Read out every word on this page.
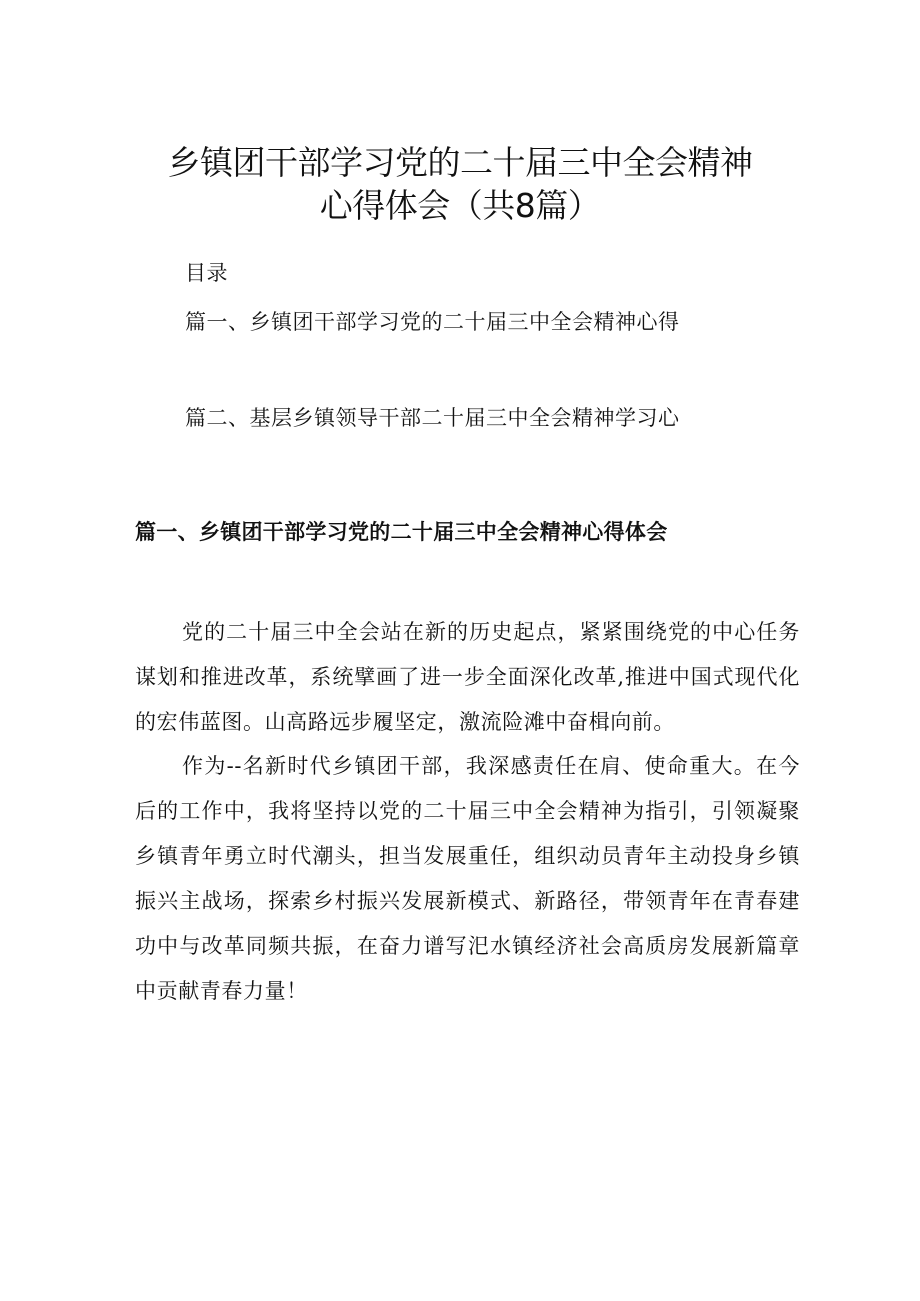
乡镇团干部学习党的二十届三中全会精神
心得体会（共8篇）

目录

篇一、乡镇团干部学习党的二十届三中全会精神心得

篇二、基层乡镇领导干部二十届三中全会精神学习心

篇一、乡镇团干部学习党的二十届三中全会精神心得体会

党的二十届三中全会站在新的历史起点，紧紧围绕党的中心任务谋划和推进改革，系统擘画了进一步全面深化改革,推进中国式现代化的宏伟蓝图。山高路远步履坚定，激流险滩中奋楫向前。

作为--名新时代乡镇团干部，我深感责任在肩、使命重大。在今后的工作中，我将坚持以党的二十届三中全会精神为指引，引领凝聚乡镇青年勇立时代潮头，担当发展重任，组织动员青年主动投身乡镇振兴主战场，探索乡村振兴发展新模式、新路径，带领青年在青春建功中与改革同频共振，在奋力谱写汜水镇经济社会高质房发展新篇章中贡献青春力量！
